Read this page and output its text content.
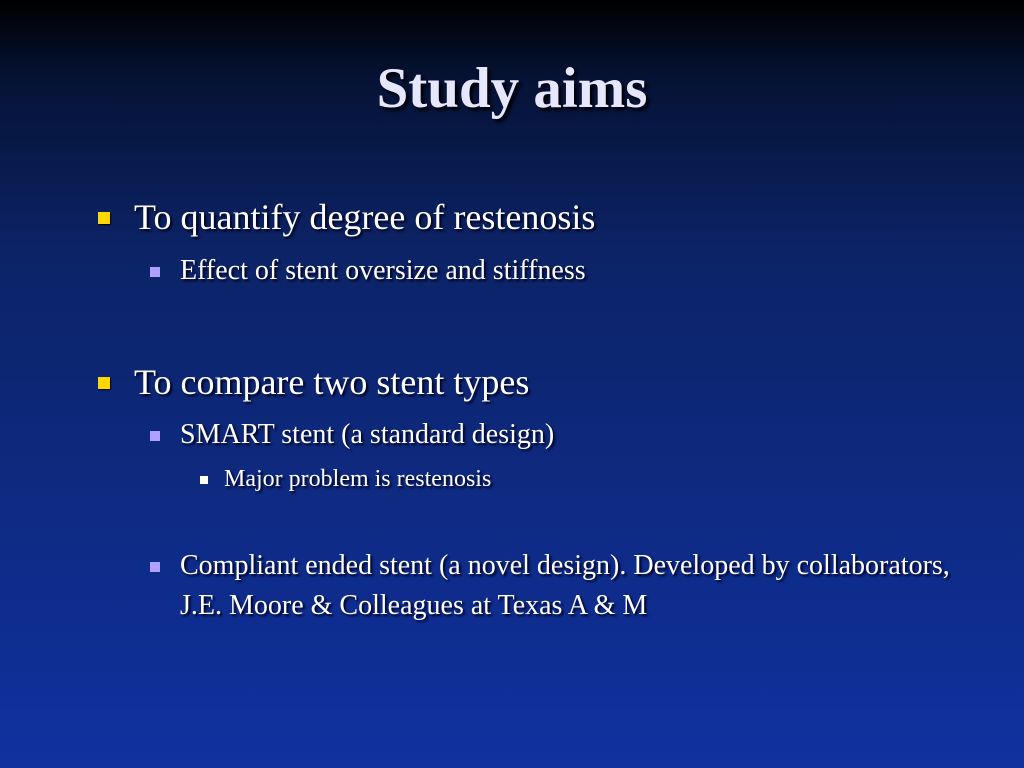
Study aims
To quantify degree of restenosis
Effect of stent oversize and stiffness
To compare two stent types
SMART stent (a standard design)
Major problem is restenosis
Compliant ended stent (a novel design). Developed by collaborators, J.E. Moore & Colleagues at Texas A & M
